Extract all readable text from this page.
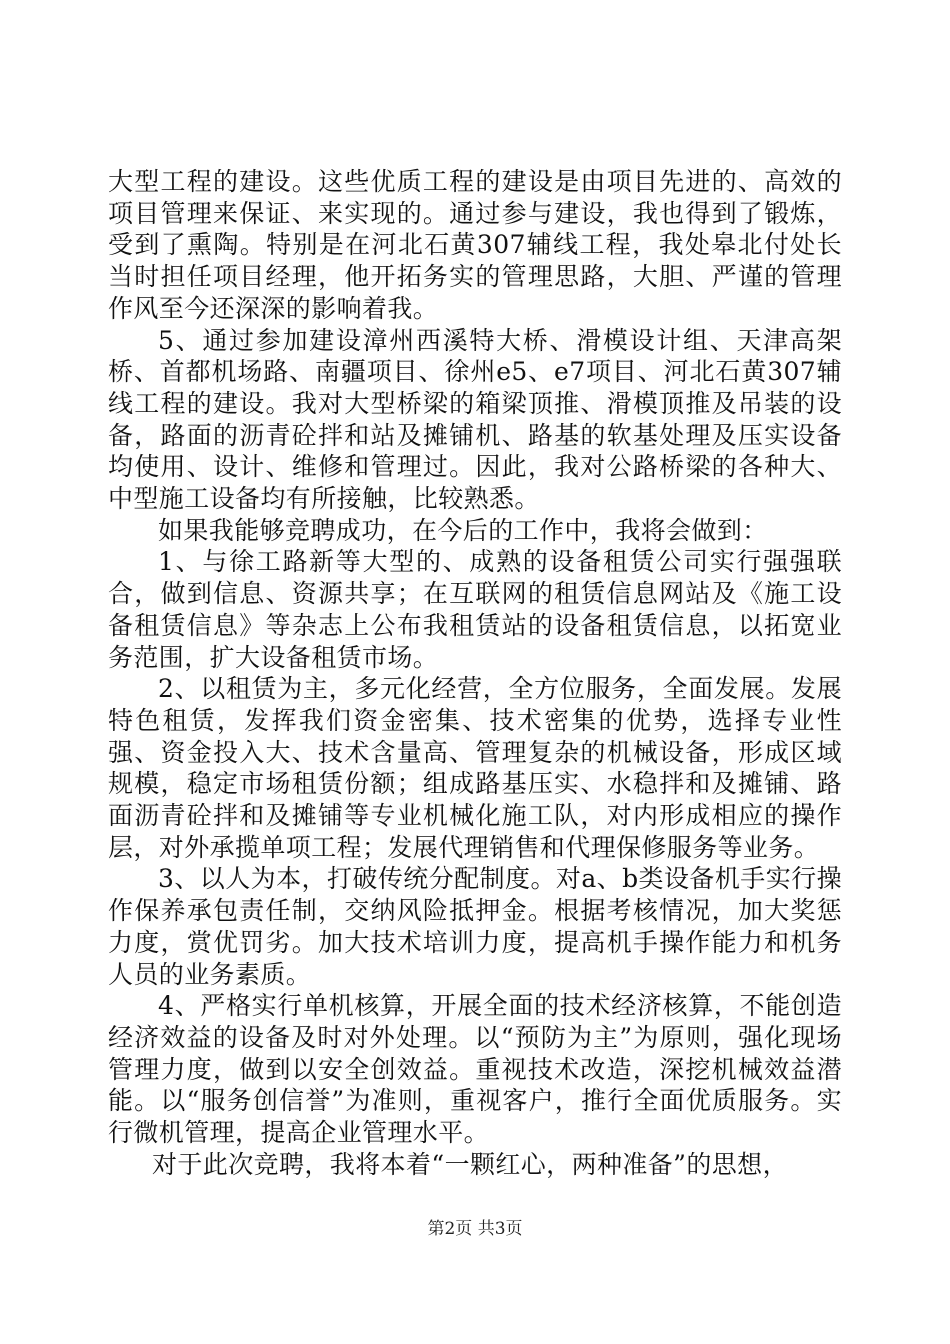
大型工程的建设。这些优质工程的建设是由项目先进的、高效的项目管理来保证、来实现的。通过参与建设，我也得到了锻炼，受到了熏陶。特别是在河北石黄307辅线工程，我处皋北付处长当时担任项目经理，他开拓务实的管理思路，大胆、严谨的管理作风至今还深深的影响着我。

5、通过参加建设漳州西溪特大桥、滑模设计组、天津高架桥、首都机场路、南疆项目、徐州e5、e7项目、河北石黄307辅线工程的建设。我对大型桥梁的箱梁顶推、滑模顶推及吊装的设备，路面的沥青砼拌和站及摊铺机、路基的软基处理及压实设备均使用、设计、维修和管理过。因此，我对公路桥梁的各种大、中型施工设备均有所接触，比较熟悉。

如果我能够竞聘成功，在今后的工作中，我将会做到：

1、与徐工路新等大型的、成熟的设备租赁公司实行强强联合，做到信息、资源共享；在互联网的租赁信息网站及《施工设备租赁信息》等杂志上公布我租赁站的设备租赁信息，以拓宽业务范围，扩大设备租赁市场。

2、以租赁为主，多元化经营，全方位服务，全面发展。发展特色租赁，发挥我们资金密集、技术密集的优势，选择专业性强、资金投入大、技术含量高、管理复杂的机械设备，形成区域规模，稳定市场租赁份额；组成路基压实、水稳拌和及摊铺、路面沥青砼拌和及摊铺等专业机械化施工队，对内形成相应的操作层，对外承揽单项工程；发展代理销售和代理保修服务等业务。

3、以人为本，打破传统分配制度。对a、b类设备机手实行操作保养承包责任制，交纳风险抵押金。根据考核情况，加大奖惩力度，赏优罚劣。加大技术培训力度，提高机手操作能力和机务人员的业务素质。

4、严格实行单机核算，开展全面的技术经济核算，不能创造经济效益的设备及时对外处理。以“预防为主”为原则，强化现场管理力度，做到以安全创效益。重视技术改造，深挖机械效益潜能。以“服务创信誉”为准则，重视客户，推行全面优质服务。实行微机管理，提高企业管理水平。

对于此次竞聘，我将本着“一颗红心，两种准备”的思想，

第2页 共3页
